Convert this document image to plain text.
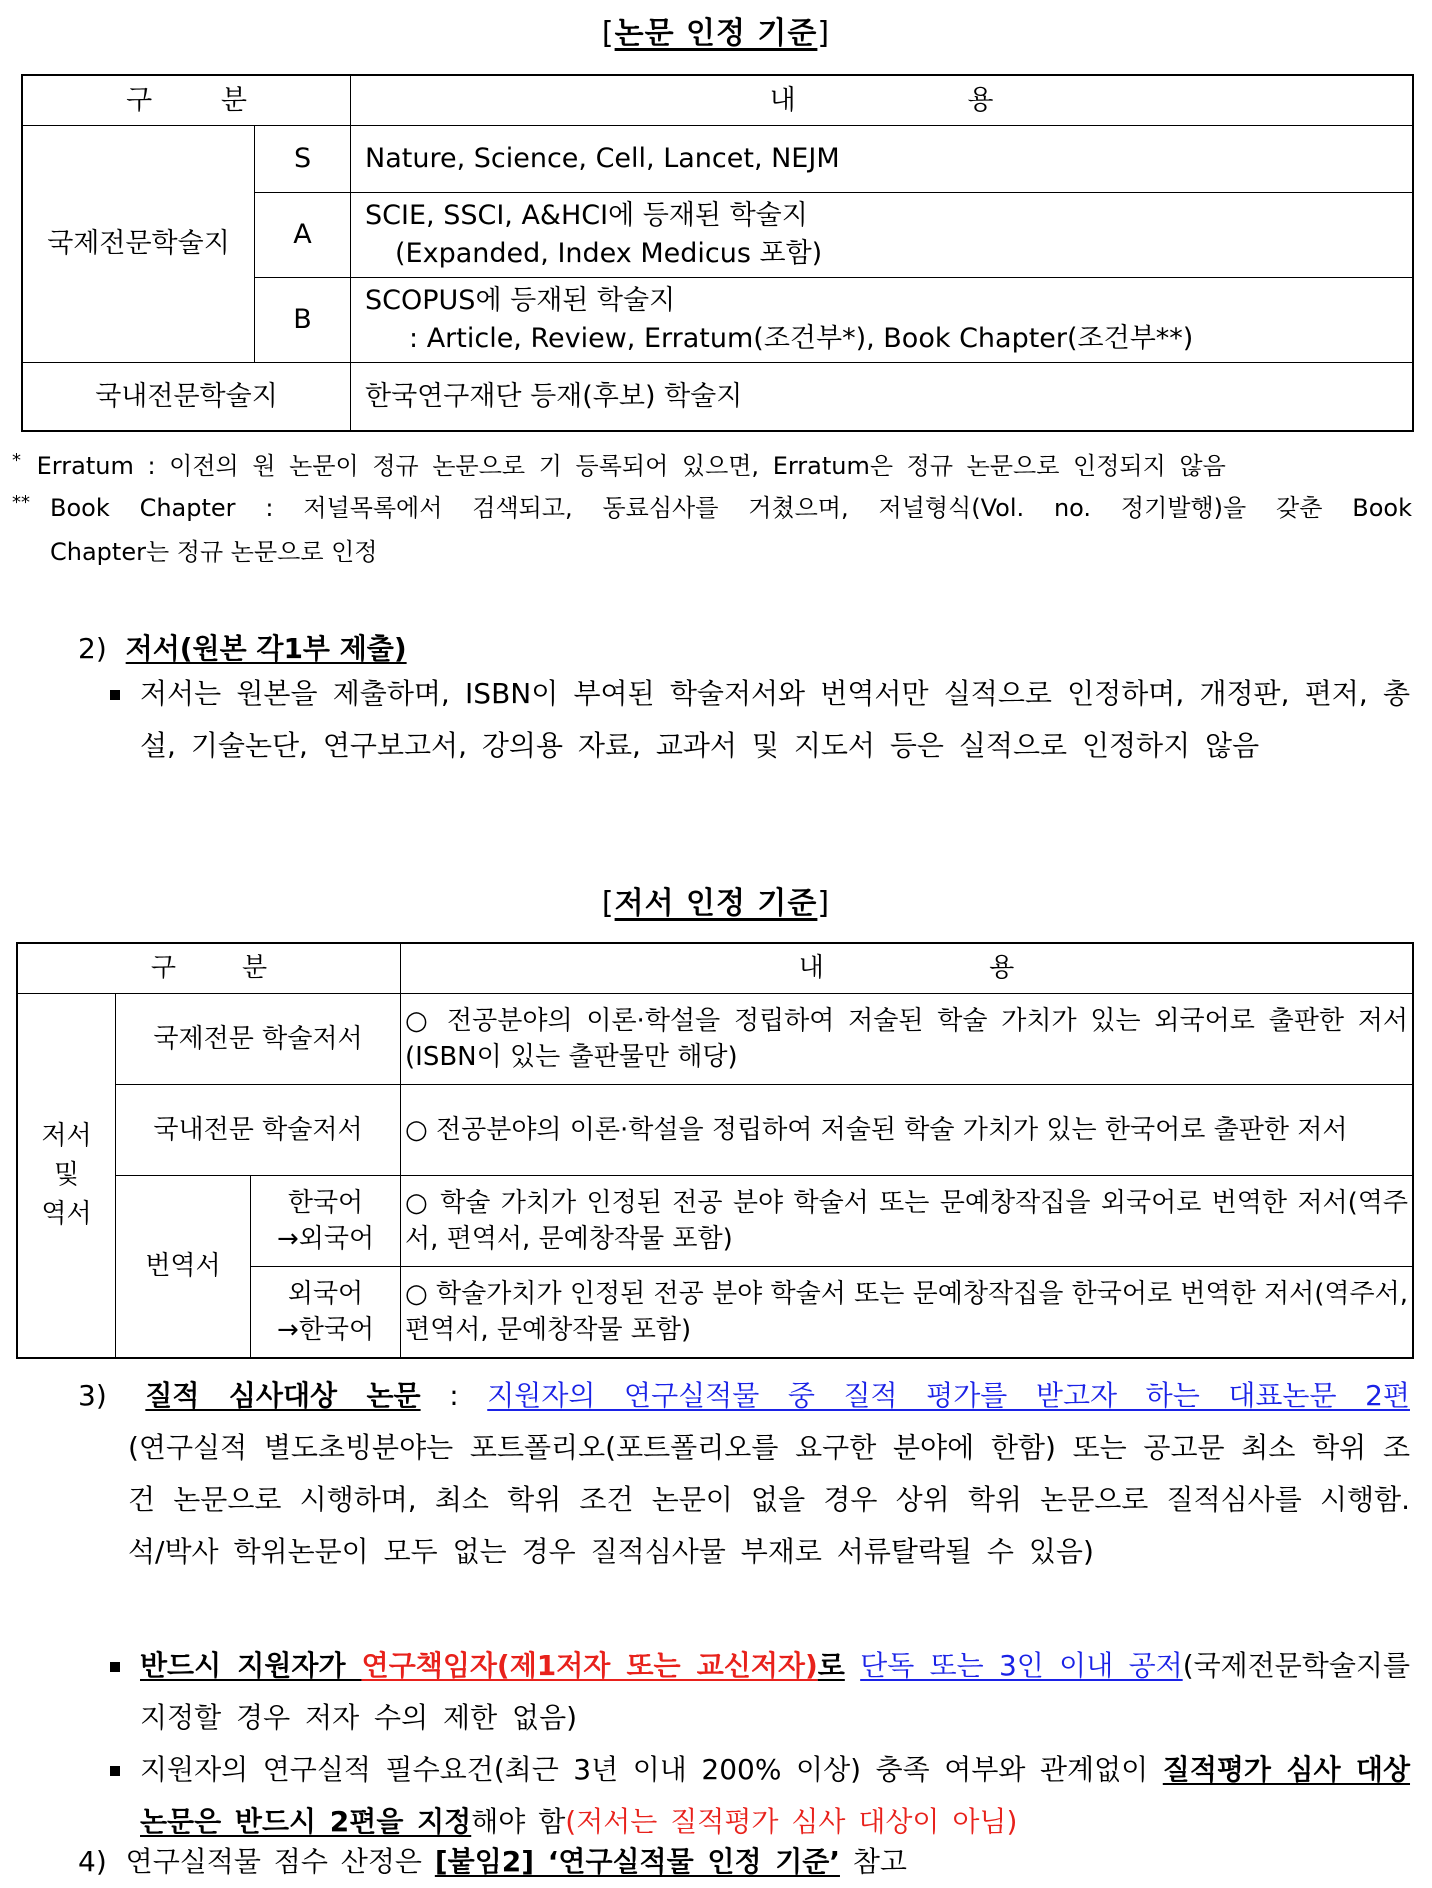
[논문 인정 기준]
구        분		내                    용
국제전문학술지	S	Nature, Science, Cell, Lancet, NEJM
	A	SCIE, SSCI, A&HCI에 등재된 학술지
(Expanded, Index Medicus 포함)

	B	SCOPUS에 등재된 학술지
: Article, Review, Erratum(조건부*), Book Chapter(조건부**)

국내전문학술지		한국연구재단 등재(후보) 학술지
* Erratum : 이전의 원 논문이 정규 논문으로 기 등록되어 있으면, Erratum은 정규 논문으로 인정되지 않음
** Book Chapter : 저널목록에서 검색되고, 동료심사를 거쳤으며, 저널형식(Vol. no. 정기발행)을 갖춘 Book
Chapter는 정규 논문으로 인정
2) 저서(원본 각1부 제출)
저서는 원본을 제출하며, ISBN이 부여된 학술저서와 번역서만 실적으로 인정하며, 개정판, 편저, 총설, 기술논단, 연구보고서, 강의용 자료, 교과서 및 지도서 등은 실적으로 인정하지 않음
[저서 인정 기준]
구        분			내                    용
저서
및
역서	국제전문 학술저서		○ 전공분야의 이론·학설을 정립하여 저술된 학술 가치가 있는 외국어로 출판한 저서 (ISBN이 있는 출판물만 해당)
	국내전문 학술저서		○ 전공분야의 이론·학설을 정립하여 저술된 학술 가치가 있는 한국어로 출판한 저서
	번역서	한국어
→외국어	○ 학술 가치가 인정된 전공 분야 학술서 또는 문예창작집을 외국어로 번역한 저서(역주서, 편역서, 문예창작물 포함)
		외국어
→한국어	○ 학술가치가 인정된 전공 분야 학술서 또는 문예창작집을 한국어로 번역한 저서(역주서, 편역서, 문예창작물 포함)
3) 질적 심사대상 논문 : 지원자의 연구실적물 중 질적 평가를 받고자 하는 대표논문 2편
(연구실적 별도초빙분야는 포트폴리오(포트폴리오를 요구한 분야에 한함) 또는 공고문 최소 학위 조건 논문으로 시행하며, 최소 학위 조건 논문이 없을 경우 상위 학위 논문으로 질적심사를 시행함. 석/박사 학위논문이 모두 없는 경우 질적심사물 부재로 서류탈락될 수 있음)
반드시 지원자가 연구책임자(제1저자 또는 교신저자)로 단독 또는 3인 이내 공저(국제전문학술지를 지정할 경우 저자 수의 제한 없음)
지원자의 연구실적 필수요건(최근 3년 이내 200% 이상) 충족 여부와 관계없이 질적평가 심사 대상 논문은 반드시 2편을 지정해야 함(저서는 질적평가 심사 대상이 아님)
4) 연구실적물 점수 산정은 [붙임2] ‘연구실적물 인정 기준’ 참고
